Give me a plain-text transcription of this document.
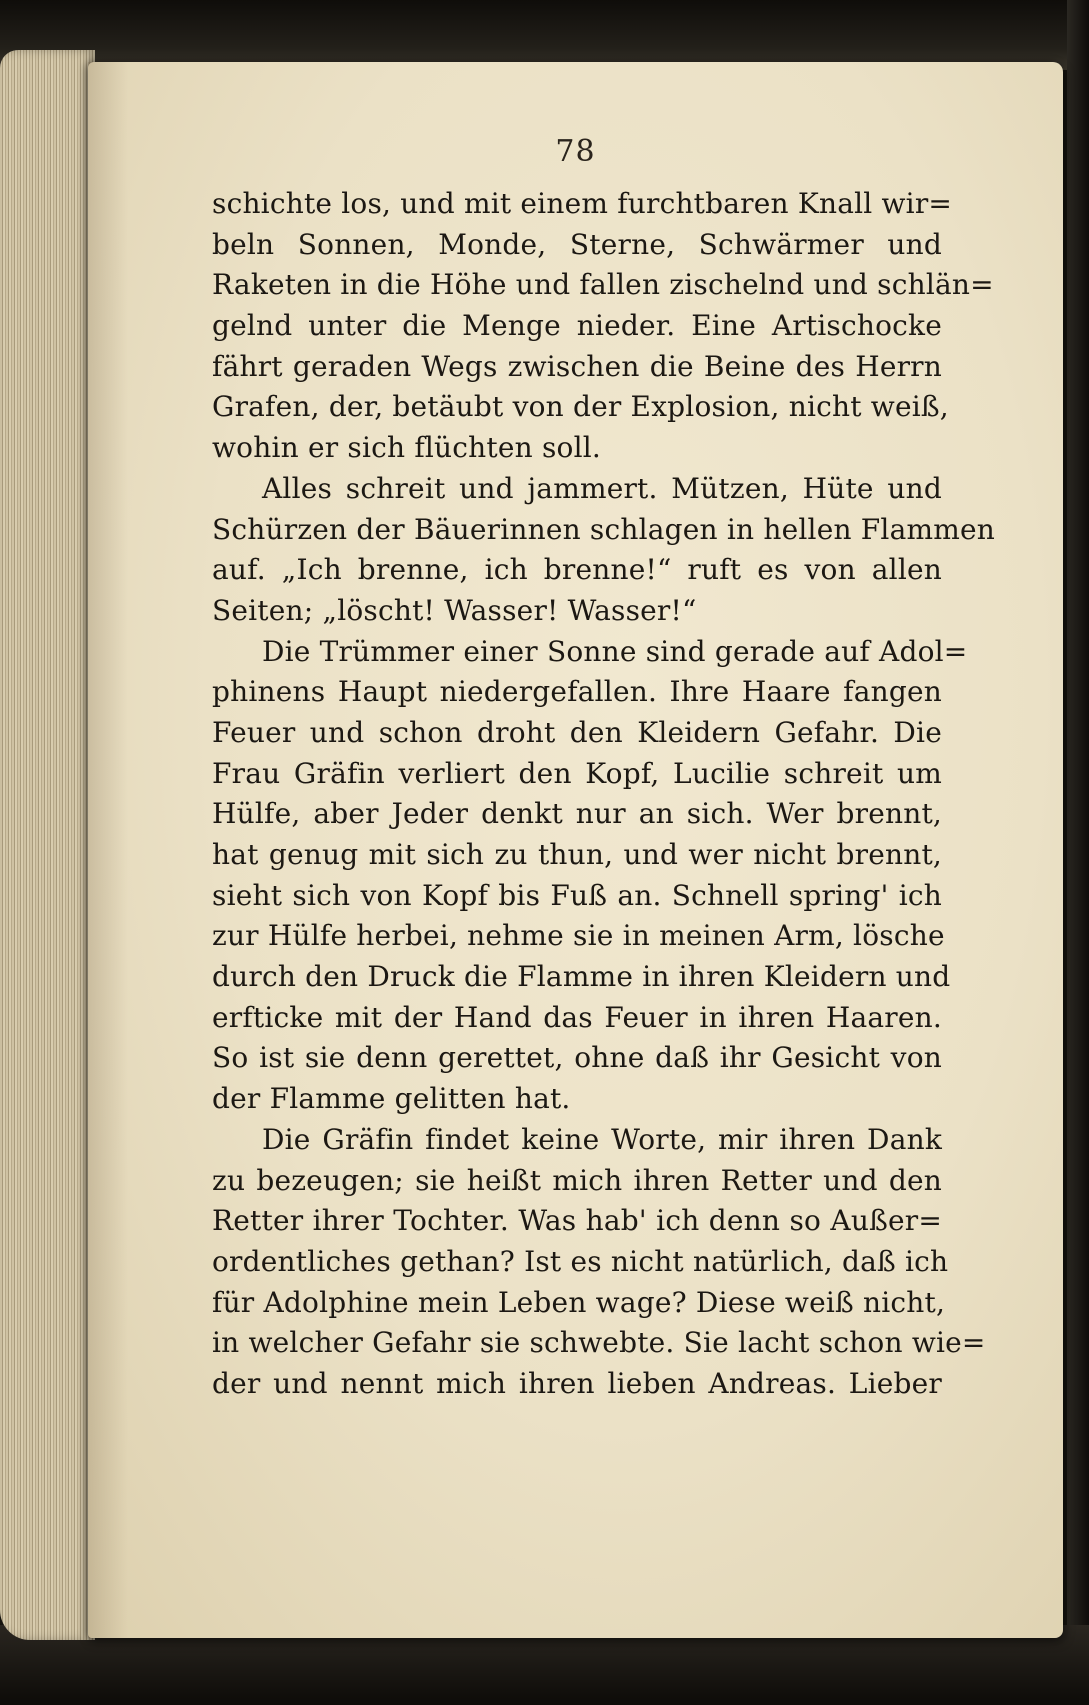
78
schichte los, und mit einem furchtbaren Knall wir=
beln Sonnen, Monde, Sterne, Schwärmer und
Raketen in die Höhe und fallen zischelnd und schlän=
gelnd unter die Menge nieder. Eine Artischocke
fährt geraden Wegs zwischen die Beine des Herrn
Grafen, der, betäubt von der Explosion, nicht weiß,
wohin er sich flüchten soll.
Alles schreit und jammert. Mützen, Hüte und
Schürzen der Bäuerinnen schlagen in hellen Flammen
auf. „Ich brenne, ich brenne!“ ruft es von allen
Seiten; „löscht! Wasser! Wasser!“
Die Trümmer einer Sonne sind gerade auf Adol=
phinens Haupt niedergefallen. Ihre Haare fangen
Feuer und schon droht den Kleidern Gefahr. Die
Frau Gräfin verliert den Kopf, Lucilie schreit um
Hülfe, aber Jeder denkt nur an sich. Wer brennt,
hat genug mit sich zu thun, und wer nicht brennt,
sieht sich von Kopf bis Fuß an. Schnell spring' ich
zur Hülfe herbei, nehme sie in meinen Arm, lösche
durch den Druck die Flamme in ihren Kleidern und
erfticke mit der Hand das Feuer in ihren Haaren.
So ist sie denn gerettet, ohne daß ihr Gesicht von
der Flamme gelitten hat.
Die Gräfin findet keine Worte, mir ihren Dank
zu bezeugen; sie heißt mich ihren Retter und den
Retter ihrer Tochter. Was hab' ich denn so Außer=
ordentliches gethan? Ist es nicht natürlich, daß ich
für Adolphine mein Leben wage? Diese weiß nicht,
in welcher Gefahr sie schwebte. Sie lacht schon wie=
der und nennt mich ihren lieben Andreas. Lieber
